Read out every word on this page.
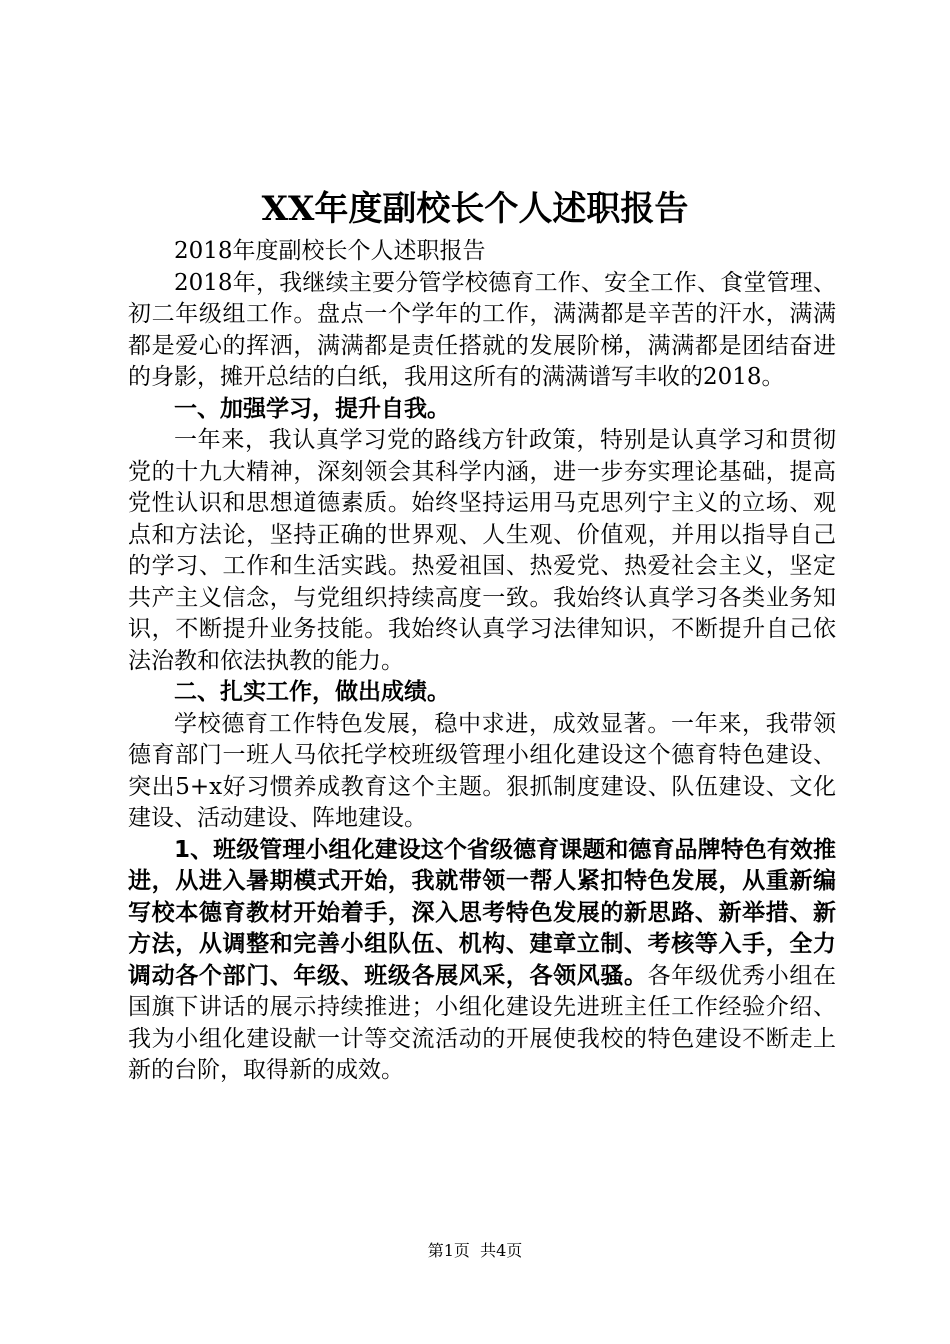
XX年度副校长个人述职报告

2018年度副校长个人述职报告

2018年，我继续主要分管学校德育工作、安全工作、食堂管理、初二年级组工作。盘点一个学年的工作，满满都是辛苦的汗水，满满都是爱心的挥洒，满满都是责任搭就的发展阶梯，满满都是团结奋进的身影，摊开总结的白纸，我用这所有的满满谱写丰收的2018。

一、加强学习，提升自我。

一年来，我认真学习党的路线方针政策，特别是认真学习和贯彻党的十九大精神，深刻领会其科学内涵，进一步夯实理论基础，提高党性认识和思想道德素质。始终坚持运用马克思列宁主义的立场、观点和方法论，坚持正确的世界观、人生观、价值观，并用以指导自己的学习、工作和生活实践。热爱祖国、热爱党、热爱社会主义，坚定共产主义信念，与党组织持续高度一致。我始终认真学习各类业务知识，不断提升业务技能。我始终认真学习法律知识，不断提升自己依法治教和依法执教的能力。

二、扎实工作，做出成绩。

学校德育工作特色发展，稳中求进，成效显著。一年来，我带领德育部门一班人马依托学校班级管理小组化建设这个德育特色建设、突出5+x好习惯养成教育这个主题。狠抓制度建设、队伍建设、文化建设、活动建设、阵地建设。

1、班级管理小组化建设这个省级德育课题和德育品牌特色有效推进，从进入暑期模式开始，我就带领一帮人紧扣特色发展，从重新编写校本德育教材开始着手，深入思考特色发展的新思路、新举措、新方法，从调整和完善小组队伍、机构、建章立制、考核等入手，全力调动各个部门、年级、班级各展风采，各领风骚。各年级优秀小组在国旗下讲话的展示持续推进；小组化建设先进班主任工作经验介绍、我为小组化建设献一计等交流活动的开展使我校的特色建设不断走上新的台阶，取得新的成效。

第1页 共4页
